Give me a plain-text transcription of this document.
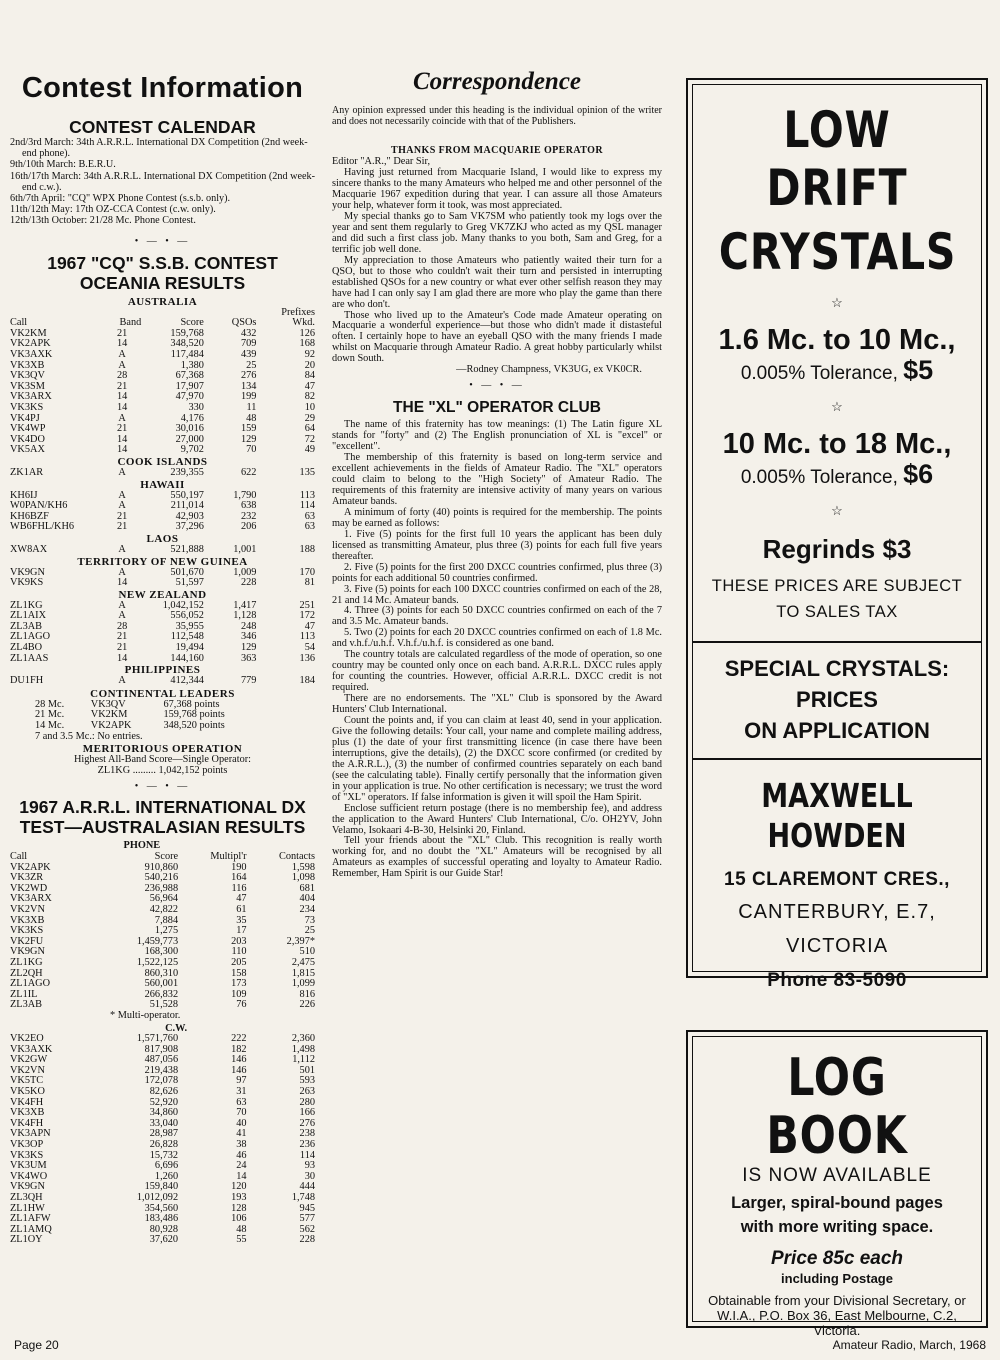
Contest Information
CONTEST CALENDAR

2nd/3rd March: 34th A.R.R.L. International DX Competition (2nd week-end phone).

9th/10th March: B.E.R.U.

16th/17th March: 34th A.R.R.L. International DX Competition (2nd week-end c.w.).

6th/7th April: "CQ" WPX Phone Contest (s.s.b. only).

11th/12th May: 17th OZ-CCA Contest (c.w. only).

12th/13th October: 21/28 Mc. Phone Contest.

• — • —
1967 "CQ" S.S.B. CONTEST
OCEANIA RESULTS
AUSTRALIA
				Prefixes
Call	Band	Score	QSOs	Wkd.
VK2KM	21	159,768	432	126
VK2APK	14	348,520	709	168
VK3AXK	A	117,484	439	92
VK3XB	A	1,380	25	20
VK3QV	28	67,368	276	84
VK3SM	21	17,907	134	47
VK3ARX	14	47,970	199	82
VK3KS	14	330	11	10
VK4PJ	A	4,176	48	29
VK4WP	21	30,016	159	64
VK4DO	14	27,000	129	72
VK5AX	14	9,702	70	49
COOK ISLANDS				
ZK1AR	A	239,355	622	135
HAWAII				
KH6IJ	A	550,197	1,790	113
W0PAN/KH6	A	211,014	638	114
KH6BZF	21	42,903	232	63
WB6FHL/KH6	21	37,296	206	63
LAOS				
XW8AX	A	521,888	1,001	188
TERRITORY OF NEW GUINEA				
VK9GN	A	501,670	1,009	170
VK9KS	14	51,597	228	81
NEW ZEALAND				
ZL1KG	A	1,042,152	1,417	251
ZL1AIX	A	556,052	1,128	172
ZL3AB	28	35,955	248	47
ZL1AGO	21	112,548	346	113
ZL4BO	21	19,494	129	54
ZL1AAS	14	144,160	363	136
PHILIPPINES				
DU1FH	A	412,344	779	184
CONTINENTAL LEADERS
28 Mc.	VK3QV	67,368 points
21 Mc.	VK2KM	159,768 points
14 Mc.	VK2APK	348,520 points
7 and 3.5 Mc.: No entries.
MERITORIOUS OPERATION
Highest All-Band Score—Single Operator:
ZL1KG ......... 1,042,152 points
• — • —
1967 A.R.R.L. INTERNATIONAL DX
TEST—AUSTRALASIAN RESULTS
	PHONE		
Call	Score	Multipl'r	Contacts
VK2APK	910,860	190	1,598
VK3ZR	540,216	164	1,098
VK2WD	236,988	116	681
VK3ARX	56,964	47	404
VK2VN	42,822	61	234
VK3XB	7,884	35	73
VK3KS	1,275	17	25
VK2FU	1,459,773	203	2,397*
VK9GN	168,300	110	510
ZL1KG	1,522,125	205	2,475
ZL2QH	860,310	158	1,815
ZL1AGO	560,001	173	1,099
ZL1IL	266,832	109	816
ZL3AB	51,528	76	226
* Multi-operator.			
	C.W.		
VK2EO	1,571,760	222	2,360
VK3AXK	817,908	182	1,498
VK2GW	487,056	146	1,112
VK2VN	219,438	146	501
VK5TC	172,078	97	593
VK5KO	82,626	31	263
VK4FH	52,920	63	280
VK3XB	34,860	70	166
VK4FH	33,040	40	276
VK3APN	28,987	41	238
VK3OP	26,828	38	236
VK3KS	15,732	46	114
VK3UM	6,696	24	93
VK4WO	1,260	14	30
VK9GN	159,840	120	444
ZL3QH	1,012,092	193	1,748
ZL1HW	354,560	128	945
ZL1AFW	183,486	106	577
ZL1AMQ	80,928	48	562
ZL1OY	37,620	55	228
Correspondence

Any opinion expressed under this heading is the individual opinion of the writer and does not necessarily coincide with that of the Publishers.

THANKS FROM MACQUARIE OPERATOR

Editor "A.R.," Dear Sir,

Having just returned from Macquarie Island, I would like to express my sincere thanks to the many Amateurs who helped me and other personnel of the Macquarie 1967 expedition during that year. I can assure all those Amateurs your help, whatever form it took, was most appreciated.

My special thanks go to Sam VK7SM who patiently took my logs over the year and sent them regularly to Greg VK7ZKJ who acted as my QSL manager and did such a first class job. Many thanks to you both, Sam and Greg, for a terrific job well done.

My appreciation to those Amateurs who patiently waited their turn for a QSO, but to those who couldn't wait their turn and persisted in interrupting established QSOs for a new country or what ever other selfish reason they may have had I can only say I am glad there are more who play the game than there are who don't.

Those who lived up to the Amateur's Code made Amateur operating on Macquarie a wonderful experience—but those who didn't made it distasteful often. I certainly hope to have an eyeball QSO with the many friends I made whilst on Macquarie through Amateur Radio. A great hobby particularly whilst down South.

—Rodney Champness, VK3UG, ex VK0CR.

• — • —
THE "XL" OPERATOR CLUB

The name of this fraternity has tow meanings: (1) The Latin figure XL stands for "forty" and (2) The English pronunciation of XL is "excel" or "excellent".

The membership of this fraternity is based on long-term service and excellent achievements in the fields of Amateur Radio. The "XL" operators could claim to belong to the "High Society" of Amateur Radio. The requirements of this fraternity are intensive activity of many years on various Amateur bands.

A minimum of forty (40) points is required for the membership. The points may be earned as follows:

1. Five (5) points for the first full 10 years the applicant has been duly licensed as transmitting Amateur, plus three (3) points for each full five years thereafter.

2. Five (5) points for the first 200 DXCC countries confirmed, plus three (3) points for each additional 50 countries confirmed.

3. Five (5) points for each 100 DXCC countries confirmed on each of the 28, 21 and 14 Mc. Amateur bands.

4. Three (3) points for each 50 DXCC countries confirmed on each of the 7 and 3.5 Mc. Amateur bands.

5. Two (2) points for each 20 DXCC countries confirmed on each of 1.8 Mc. and v.h.f./u.h.f. V.h.f./u.h.f. is considered as one band.

The country totals are calculated regardless of the mode of operation, so one country may be counted only once on each band. A.R.R.L. DXCC rules apply for counting the countries. However, official A.R.R.L. DXCC credit is not required.

There are no endorsements. The "XL" Club is sponsored by the Award Hunters' Club International.

Count the points and, if you can claim at least 40, send in your application. Give the following details: Your call, your name and complete mailing address, plus (1) the date of your first transmitting licence (in case there have been interruptions, give the details), (2) the DXCC score confirmed (or credited by the A.R.R.L.), (3) the number of confirmed countries separately on each band (see the calculating table). Finally certify personally that the information given in your application is true. No other certification is necessary; we trust the word of "XL" operators. If false information is given it will spoil the Ham Spirit.

Enclose sufficient return postage (there is no membership fee), and address the application to the Award Hunters' Club International, C/o. OH2YV, John Velamo, Isokaari 4-B-30, Helsinki 20, Finland.

Tell your friends about the "XL" Club. This recognition is really worth working for, and no doubt the "XL" Amateurs will be recognised by all Amateurs as examples of successful operating and loyalty to Amateur Radio. Remember, Ham Spirit is our Guide Star!

LOW DRIFT
CRYSTALS
☆
1.6 Mc. to 10 Mc.,
0.005% Tolerance, $5
☆
10 Mc. to 18 Mc.,
0.005% Tolerance, $6
☆
Regrinds $3
THESE PRICES ARE SUBJECT
TO SALES TAX
SPECIAL CRYSTALS:
PRICES
ON APPLICATION
MAXWELL HOWDEN
15 CLAREMONT CRES.,
CANTERBURY, E.7,
VICTORIA
Phone 83-5090
LOG BOOK
IS NOW AVAILABLE
Larger, spiral-bound pages
with more writing space.
Price 85c each
including Postage
Obtainable from your Divisional Secretary, or W.I.A., P.O. Box 36, East Melbourne, C.2, Victoria.
Page 20	Amateur Radio, March, 1968
